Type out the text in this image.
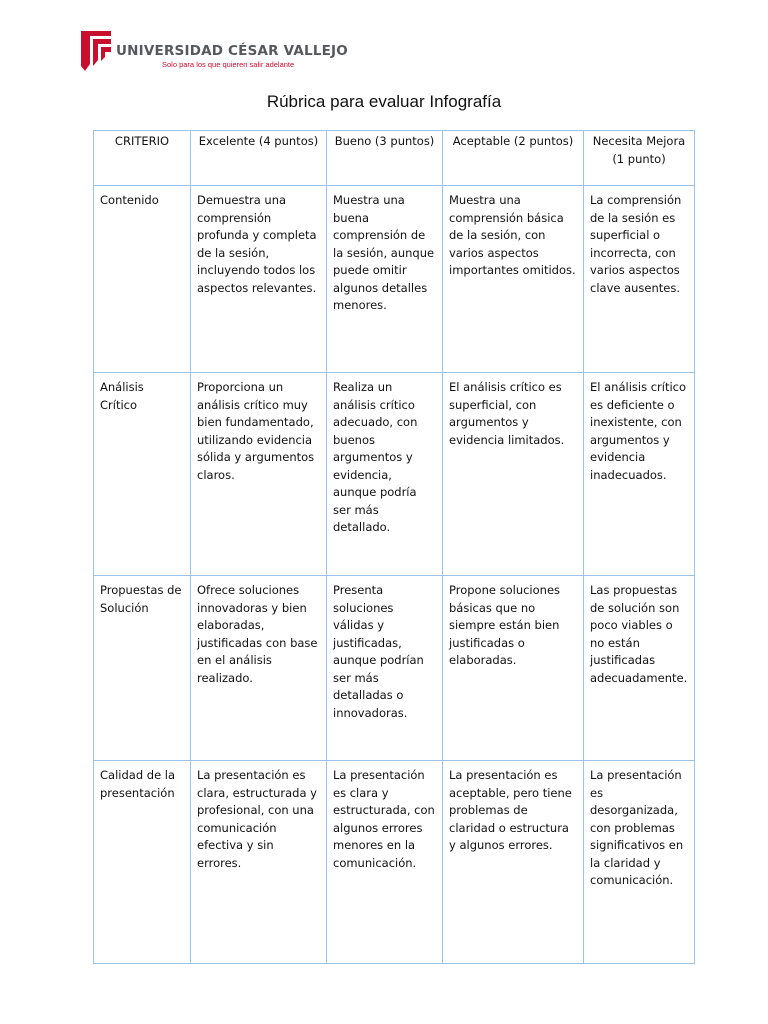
UNIVERSIDAD CÉSAR VALLEJO
Solo para los que quieren salir adelante
Rúbrica para evaluar Infografía
CRITERIO	Excelente (4 puntos)	Bueno (3 puntos)	Aceptable (2 puntos)	Necesita Mejora (1 punto)
Contenido	Demuestra una comprensión profunda y completa de la sesión, incluyendo todos los aspectos relevantes.	Muestra una buena comprensión de la sesión, aunque puede omitir algunos detalles menores.	Muestra una comprensión básica de la sesión, con varios aspectos importantes omitidos.	La comprensión de la sesión es superficial o incorrecta, con varios aspectos clave ausentes.
Análisis Crítico	Proporciona un análisis crítico muy bien fundamentado, utilizando evidencia sólida y argumentos claros.	Realiza un análisis crítico adecuado, con buenos argumentos y evidencia, aunque podría ser más detallado.	El análisis crítico es superficial, con argumentos y evidencia limitados.	El análisis crítico es deficiente o inexistente, con argumentos y evidencia inadecuados.
Propuestas de Solución	Ofrece soluciones innovadoras y bien elaboradas, justificadas con base en el análisis realizado.	Presenta soluciones válidas y justificadas, aunque podrían ser más detalladas o innovadoras.	Propone soluciones básicas que no siempre están bien justificadas o elaboradas.	Las propuestas de solución son poco viables o no están justificadas adecuadamente.
Calidad de la presentación	La presentación es clara, estructurada y profesional, con una comunicación efectiva y sin errores.	La presentación es clara y estructurada, con algunos errores menores en la comunicación.	La presentación es aceptable, pero tiene problemas de claridad o estructura y algunos errores.	La presentación es desorganizada, con problemas significativos en la claridad y comunicación.
